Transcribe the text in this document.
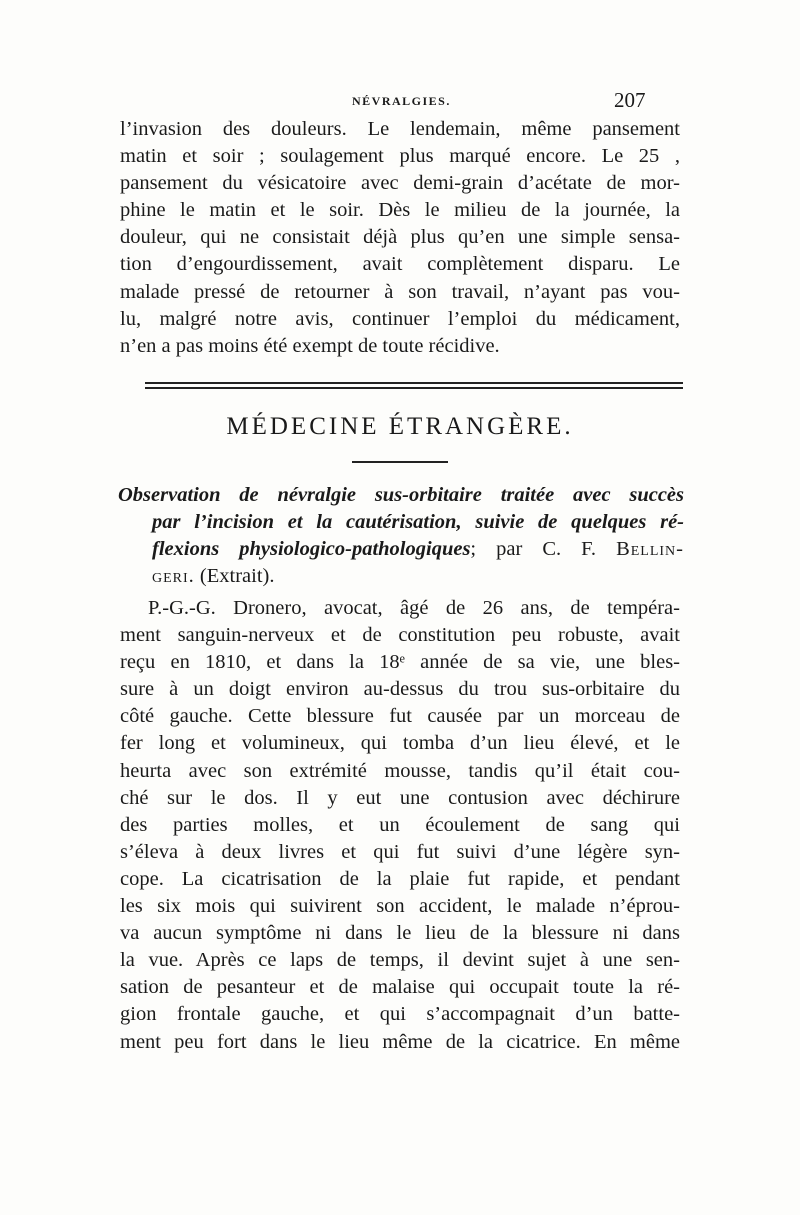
NÉVRALGIES.	207
l’invasion des douleurs. Le lendemain, même pansement
matin et soir ; soulagement plus marqué encore. Le 25 ,
pansement du vésicatoire avec demi-grain d’acétate de mor-
phine le matin et le soir. Dès le milieu de la journée, la
douleur, qui ne consistait déjà plus qu’en une simple sensa-
tion d’engourdissement, avait complètement disparu. Le
malade pressé de retourner à son travail, n’ayant pas vou-
lu, malgré notre avis, continuer l’emploi du médicament,
n’en a pas moins été exempt de toute récidive.
MÉDECINE ÉTRANGÈRE.
Observation de névralgie sus-orbitaire traitée avec succès
par l’incision et la cautérisation, suivie de quelques ré-
flexions physiologico-pathologiques; par C. F. Bellin-
geri. (Extrait).
P.-G.-G. Dronero, avocat, âgé de 26 ans, de tempéra-
ment sanguin-nerveux et de constitution peu robuste, avait
reçu en 1810, et dans la 18ᵉ année de sa vie, une bles-
sure à un doigt environ au-dessus du trou sus-orbitaire du
côté gauche. Cette blessure fut causée par un morceau de
fer long et volumineux, qui tomba d’un lieu élevé, et le
heurta avec son extrémité mousse, tandis qu’il était cou-
ché sur le dos. Il y eut une contusion avec déchirure
des parties molles, et un écoulement de sang qui
s’éleva à deux livres et qui fut suivi d’une légère syn-
cope. La cicatrisation de la plaie fut rapide, et pendant
les six mois qui suivirent son accident, le malade n’éprou-
va aucun symptôme ni dans le lieu de la blessure ni dans
la vue. Après ce laps de temps, il devint sujet à une sen-
sation de pesanteur et de malaise qui occupait toute la ré-
gion frontale gauche, et qui s’accompagnait d’un batte-
ment peu fort dans le lieu même de la cicatrice. En même
